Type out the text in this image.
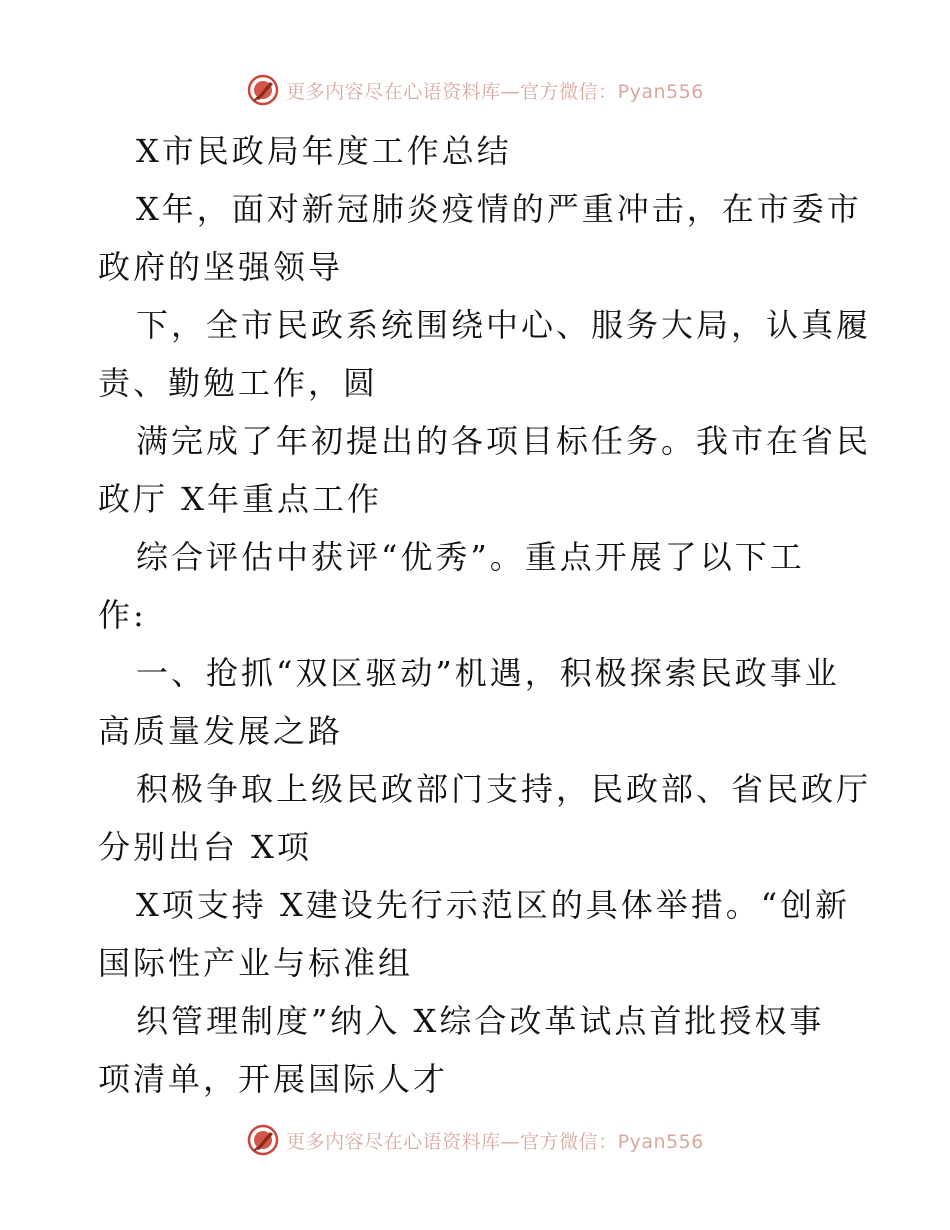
更多内容尽在心语资料库—官方微信：Pyan556
X市民政局年度工作总结
X年，面对新冠肺炎疫情的严重冲击，在市委市
政府的坚强领导
下，全市民政系统围绕中心、服务大局，认真履
责、勤勉工作，圆
满完成了年初提出的各项目标任务。我市在省民
政厅 X年重点工作
综合评估中获评“优秀”。重点开展了以下工
作:
一、抢抓“双区驱动”机遇，积极探索民政事业
高质量发展之路
积极争取上级民政部门支持，民政部、省民政厅
分别出台 X项
X项支持 X建设先行示范区的具体举措。“创新
国际性产业与标准组
织管理制度”纳入 X综合改革试点首批授权事
项清单，开展国际人才
更多内容尽在心语资料库—官方微信：Pyan556
